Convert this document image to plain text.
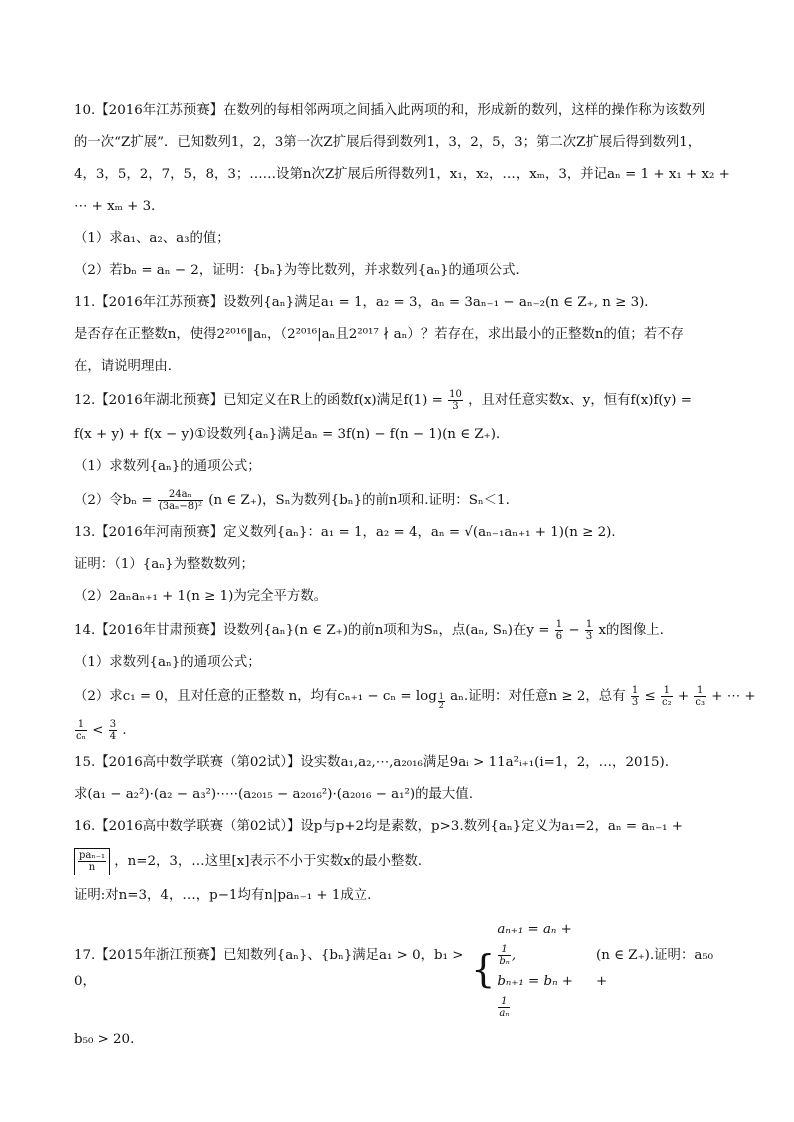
10.【2016年江苏预赛】在数列的每相邻两项之间插入此两项的和，形成新的数列，这样的操作称为该数列

的一次“Z扩展”．已知数列1，2，3第一次Z扩展后得到数列1，3，2，5，3；第二次Z扩展后得到数列1，

4，3，5，2，7，5，8，3；……设第n次Z扩展后所得数列1，x₁，x₂，…，xₘ，3，并记aₙ = 1 + x₁ + x₂ +

⋯ + xₘ + 3．

（1）求a₁、a₂、a₃的值；

（2）若bₙ = aₙ − 2，证明：{bₙ}为等比数列，并求数列{aₙ}的通项公式．

11.【2016年江苏预赛】设数列{aₙ}满足a₁ = 1，a₂ = 3，aₙ = 3aₙ₋₁ − aₙ₋₂(n ∈ Z₊, n ≥ 3)．

是否存在正整数n，使得2²⁰¹⁶‖aₙ，（2²⁰¹⁶|aₙ且2²⁰¹⁷ ∤ aₙ）？若存在，求出最小的正整数n的值；若不存

在，请说明理由．

12.【2016年湖北预赛】已知定义在R上的函数f(x)满足$f(1) = \frac{10}{3}$ ，且对任意实数x、y，恒有f(x)f(y) =

f(x + y) + f(x − y)①设数列{aₙ}满足aₙ = 3f(n) − f(n − 1)(n ∈ Z₊)．

（1）求数列{aₙ}的通项公式；

（2）令$b_n = \frac{\text{24aₙ}}{\text{(3aₙ−8)²}} (n$ ∈ Z₊)，Sₙ为数列{bₙ}的前n项和.证明：Sₙ＜1.

13.【2016年河南预赛】定义数列{aₙ}：a₁ = 1，a₂ = 4，aₙ = √(aₙ₋₁aₙ₊₁ + 1)(n ≥ 2)．

证明：（1）{aₙ}为整数数列；

（2）2aₙaₙ₊₁ + 1(n ≥ 1)为完全平方数。

14.【2016年甘肃预赛】设数列{aₙ}(n ∈ Z₊)的前n项和为Sₙ，点(aₙ, Sₙ)在$y = \frac{1}{6} - \frac{1}{3}$ x的图像上.

（1）求数列{aₙ}的通项公式；

（2）求c₁ = 0，且对任意的正整数 n，均有$c_{n+1} - c_n = \log \frac{1}{2} a_n$.证明：对任意n ≥ 2，总有 $\frac{1}{3} \le \frac{1}{\text{c₂}} + \frac{1}{\text{c₃}}$ + ⋯ +

$\frac{1}{\text{cₙ}} < \frac{3}{4}$ .

15.【2016高中数学联赛（第02试）】设实数a₁,a₂,⋯,a₂₀₁₆满足9aᵢ > 11a²ᵢ₊₁(i=1，2，…，2015).

求(a₁ − a₂²)·(a₂ − a₃²)·⋯·(a₂₀₁₅ − a₂₀₁₆²)·(a₂₀₁₆ − a₁²)的最大值.

16.【2016高中数学联赛（第02试）】设p与p+2均是素数，p>3.数列{aₙ}定义为a₁=2，aₙ = aₙ₋₁ +

$\frac{\text{paₙ₋₁}}{n}$ ，n=2，3，…这里[x]表示不小于实数x的最小整数.

证明:对n=3，4，…，p−1均有n|paₙ₋₁ + 1成立.

17.【2015年浙江预赛】已知数列{aₙ}、{bₙ}满足a₁ > 0，b₁ > 0，	{
aₙ₊₁ = aₙ +
$\frac{1}{\text{bₙ}}$ ,
bₙ₊₁ = bₙ +
$\frac{1}{\text{aₙ}}$
(n ∈ Z₊).证明：a₅₀ +

b₅₀ > 20.
